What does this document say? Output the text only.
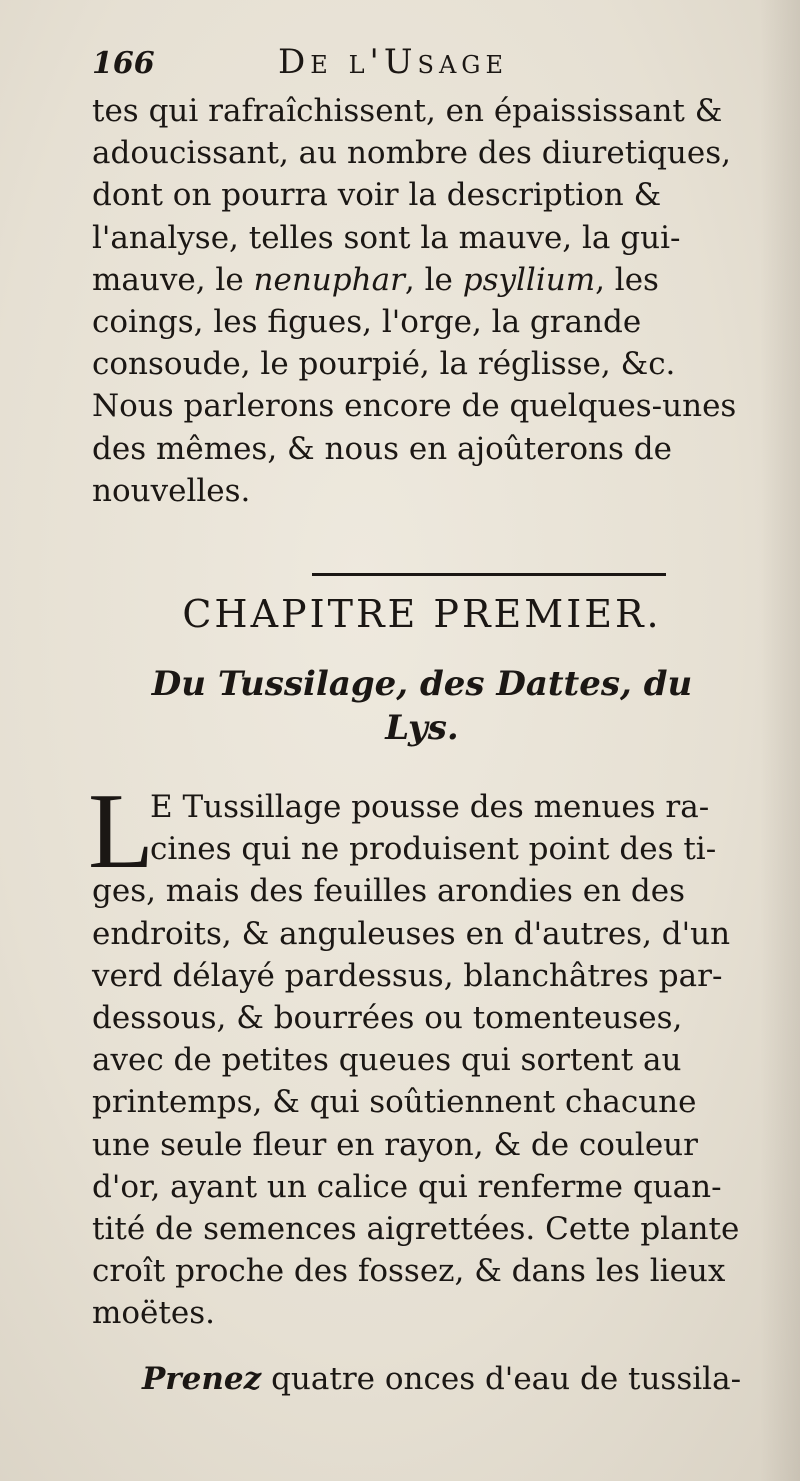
166	De l'Usage
tes qui rafraîchissent, en épaississant &
adoucissant, au nombre des diuretiques,
dont on pourra voir la description &
l'analyse, telles sont la mauve, la gui-
mauve, le nenuphar, le psyllium, les
coings, les figues, l'orge, la grande
consoude, le pourpié, la réglisse, &c.
Nous parlerons encore de quelques-unes
des mêmes, & nous en ajoûterons de
nouvelles.
CHAPITRE PREMIER.
Du Tussilage, des Dattes, du
Lys.
L
E Tussillage pousse des menues ra-
cines qui ne produisent point des ti-
ges, mais des feuilles arondies en des
endroits, & anguleuses en d'autres, d'un
verd délayé pardessus, blanchâtres par-
dessous, & bourrées ou tomenteuses,
avec de petites queues qui sortent au
printemps, & qui soûtiennent chacune
une seule fleur en rayon, & de couleur
d'or, ayant un calice qui renferme quan-
tité de semences aigrettées. Cette plante
croît proche des fossez, & dans les lieux
moëtes.
Prenez quatre onces d'eau de tussila-
